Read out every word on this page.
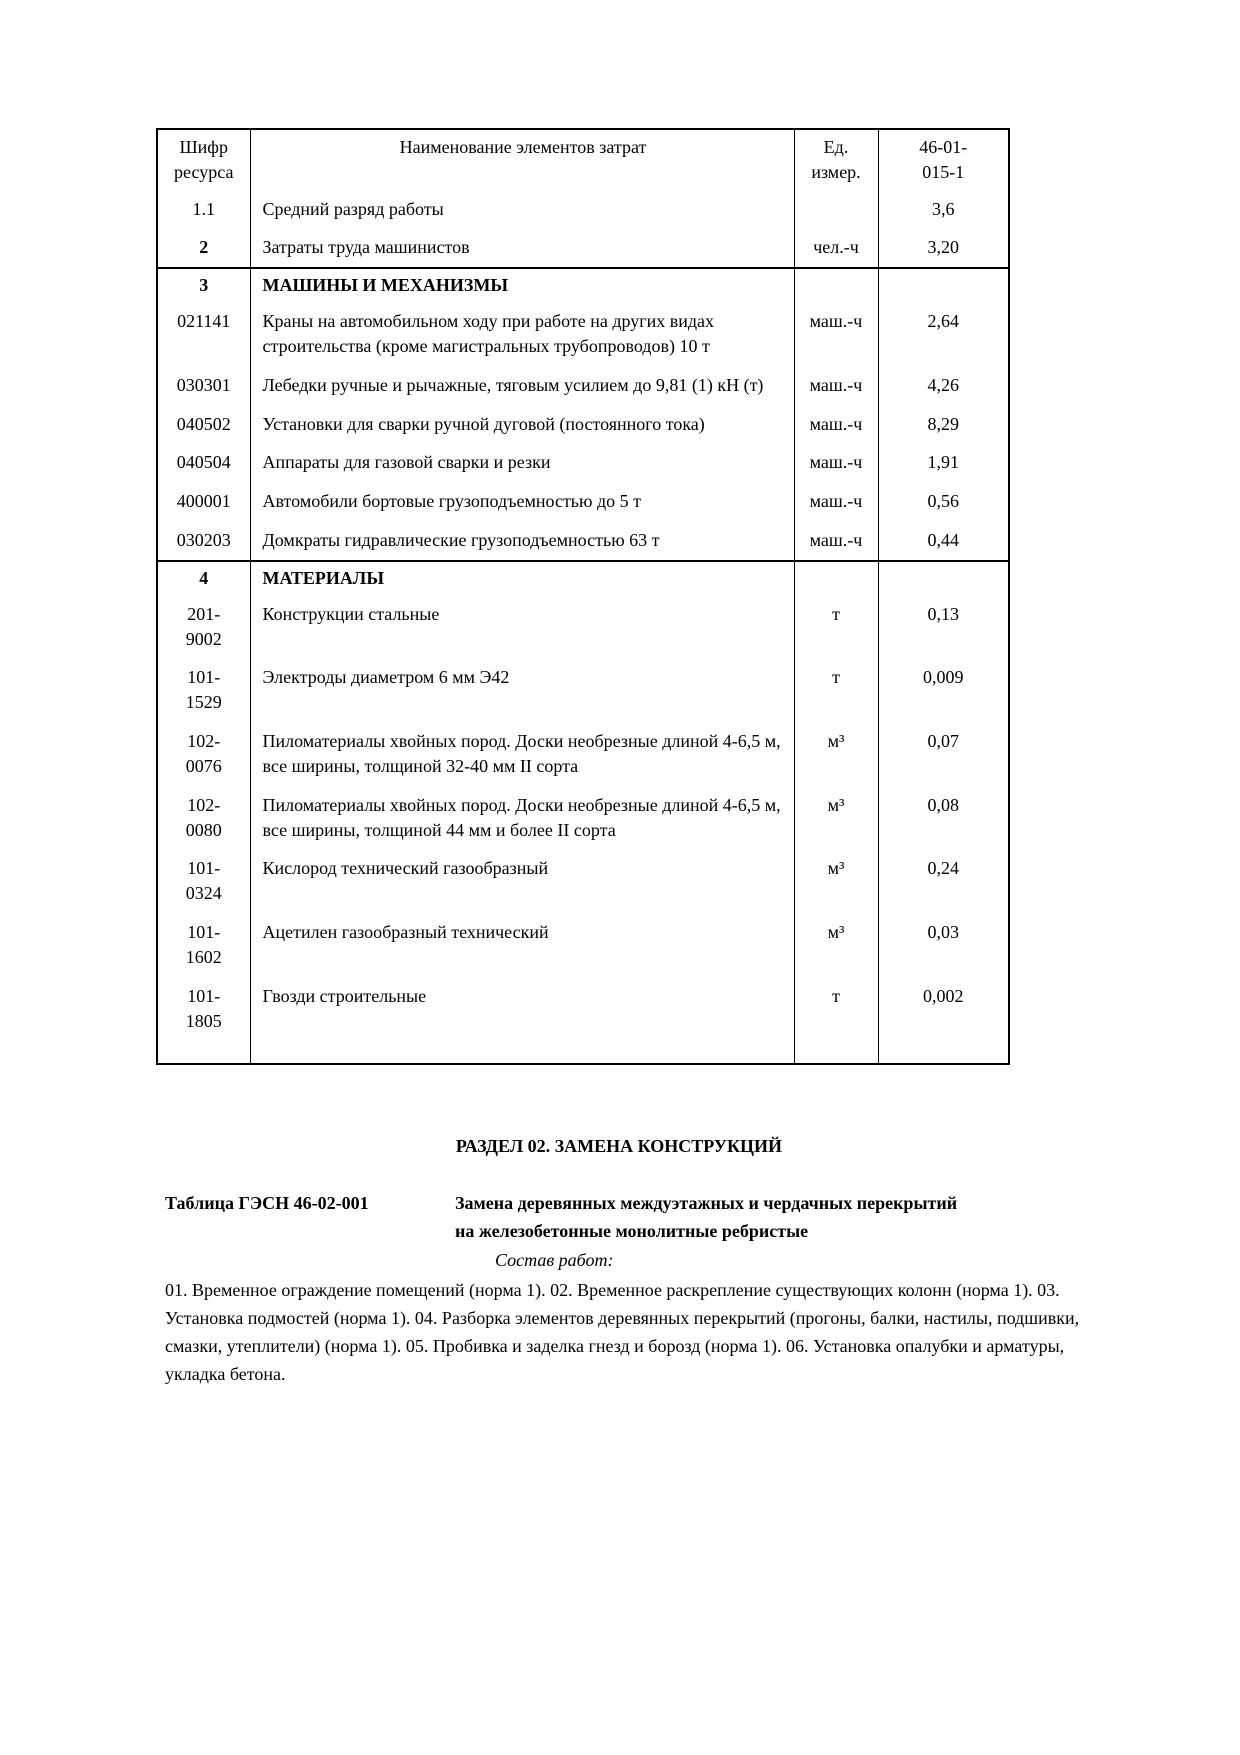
Шифр ресурса	Наименование элементов затрат	Ед. измер.	46-01-015-1

1.1	Средний разряд работы		3,6
2	Затраты труда машинистов	чел.-ч	3,20
3	МАШИНЫ И МЕХАНИЗМЫ		
021141	Краны на автомобильном ходу при работе на других видах строительства (кроме магистральных трубопроводов) 10 т	маш.-ч	2,64
030301	Лебедки ручные и рычажные, тяговым усилием до 9,81 (1) кН (т)	маш.-ч	4,26
040502	Установки для сварки ручной дуговой (постоянного тока)	маш.-ч	8,29
040504	Аппараты для газовой сварки и резки	маш.-ч	1,91
400001	Автомобили бортовые грузоподъемностью до 5 т	маш.-ч	0,56
030203	Домкраты гидравлические грузоподъемностью 63 т	маш.-ч	0,44
4	МАТЕРИАЛЫ		
201-9002	Конструкции стальные	т	0,13
101-1529	Электроды диаметром 6 мм Э42	т	0,009
102-0076	Пиломатериалы хвойных пород. Доски необрезные длиной 4-6,5 м, все ширины, толщиной 32-40 мм II сорта	м³	0,07
102-0080	Пиломатериалы хвойных пород. Доски необрезные длиной 4-6,5 м, все ширины, толщиной 44 мм и более II сорта	м³	0,08
101-0324	Кислород технический газообразный	м³	0,24
101-1602	Ацетилен газообразный технический	м³	0,03
101-1805	Гвозди строительные	т	0,002
РАЗДЕЛ 02. ЗАМЕНА КОНСТРУКЦИЙ
Таблица ГЭСН 46-02-001	Замена деревянных междуэтажных и чердачных перекрытий на железобетонные монолитные ребристые
Состав работ:

01. Временное ограждение помещений (норма 1). 02. Временное раскрепление существующих колонн (норма 1). 03. Установка подмостей (норма 1). 04. Разборка элементов деревянных перекрытий (прогоны, балки, настилы, подшивки, смазки, утеплители) (норма 1). 05. Пробивка и заделка гнезд и борозд (норма 1). 06. Установка опалубки и арматуры, укладка бетона.
